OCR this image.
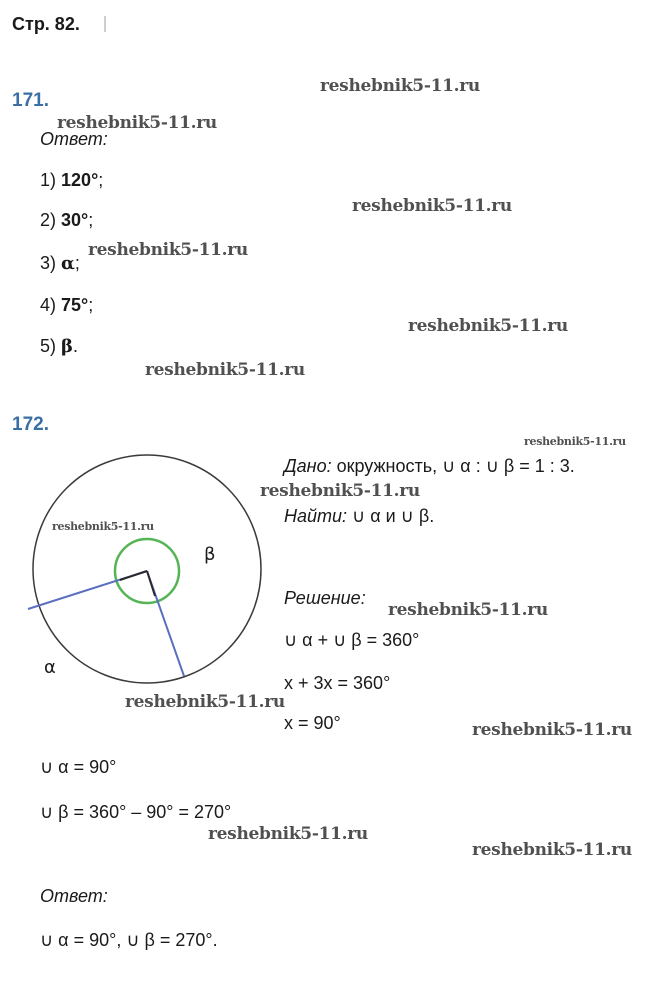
Стр. 82.
171.
Ответ:
1) 120°;
2) 30°;
3) α;
4) 75°;
5) β.
172.
β
α
Дано: окружность, ∪ α : ∪ β = 1 : 3.
Найти: ∪ α и ∪ β.
Решение:
∪ α + ∪ β = 360°
x + 3x = 360°
x = 90°
∪ α = 90°
∪ β = 360° – 90° = 270°
Ответ:
∪ α = 90°, ∪ β = 270°.
reshebnik5-11.ru
reshebnik5-11.ru
reshebnik5-11.ru
reshebnik5-11.ru
reshebnik5-11.ru
reshebnik5-11.ru
reshebnik5-11.ru
reshebnik5-11.ru
reshebnik5-11.ru
reshebnik5-11.ru
reshebnik5-11.ru
reshebnik5-11.ru
reshebnik5-11.ru
reshebnik5-11.ru
